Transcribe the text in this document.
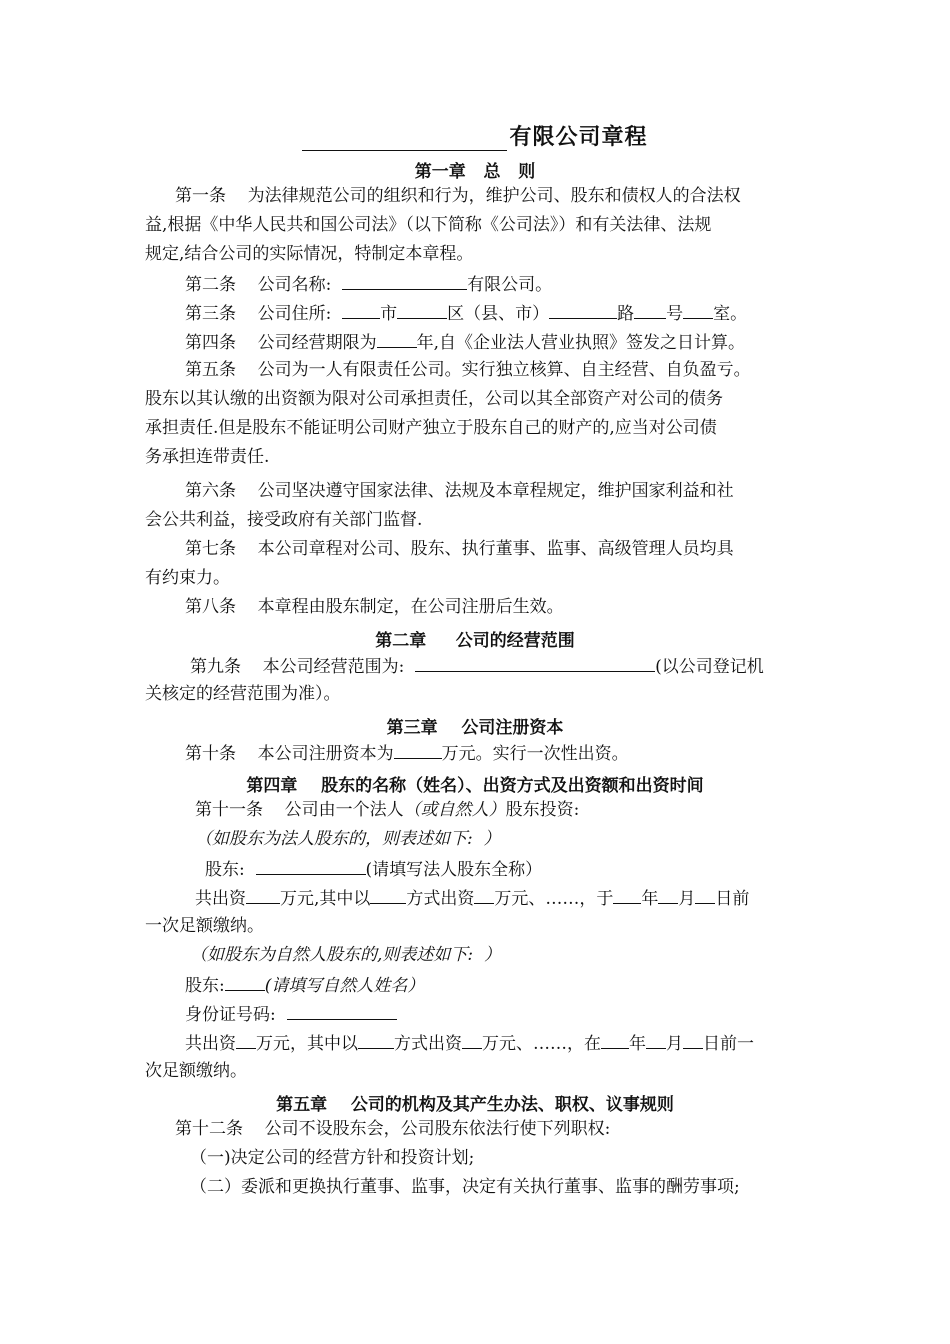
有限公司章程
第一章   总   则
第一条    为法律规范公司的组织和行为，维护公司、股东和债权人的合法权
益,根据《中华人民共和国公司法》（以下简称《公司法》）和有关法律、法规
规定,结合公司的实际情况，特制定本章程。
第二条    公司名称:	有限公司。
第三条    公司住所:  市	区（县、市）	路 号 室。
第四条    公司经营期限为 年,自《企业法人营业执照》签发之日计算。
第五条    公司为一人有限责任公司。实行独立核算、自主经营、自负盈亏。
股东以其认缴的出资额为限对公司承担责任，公司以其全部资产对公司的债务
承担责任.但是股东不能证明公司财产独立于股东自己的财产的,应当对公司债
务承担连带责任.
第六条    公司坚决遵守国家法律、法规及本章程规定，维护国家利益和社
会公共利益，接受政府有关部门监督.
第七条    本公司章程对公司、股东、执行董事、监事、高级管理人员均具
有约束力。
第八条    本章程由股东制定，在公司注册后生效。
第二章     公司的经营范围
第九条    本公司经营范围为:	(以公司登记机
关核定的经营范围为准）。
第三章    公司注册资本
第十条    本公司注册资本为	万元。实行一次性出资。
第四章    股东的名称（姓名）、出资方式及出资额和出资时间
第十一条    公司由一个法人（或自然人）股东投资:
（如股东为法人股东的，则表述如下:  ）
股东:	(请填写法人股东全称）
共出资 万元,其中以 方式出资 万元、……，于 年 月 日前
一次足额缴纳。
（如股东为自然人股东的,则表述如下:  ）
股东: (请填写自然人姓名）
身份证号码:
共出资 万元，其中以 方式出资 万元、……，在 年 月 日前一
次足额缴纳。
第五章    公司的机构及其产生办法、职权、议事规则
第十二条    公司不设股东会，公司股东依法行使下列职权:
（一)决定公司的经营方针和投资计划;
（二）委派和更换执行董事、监事，决定有关执行董事、监事的酬劳事项;
